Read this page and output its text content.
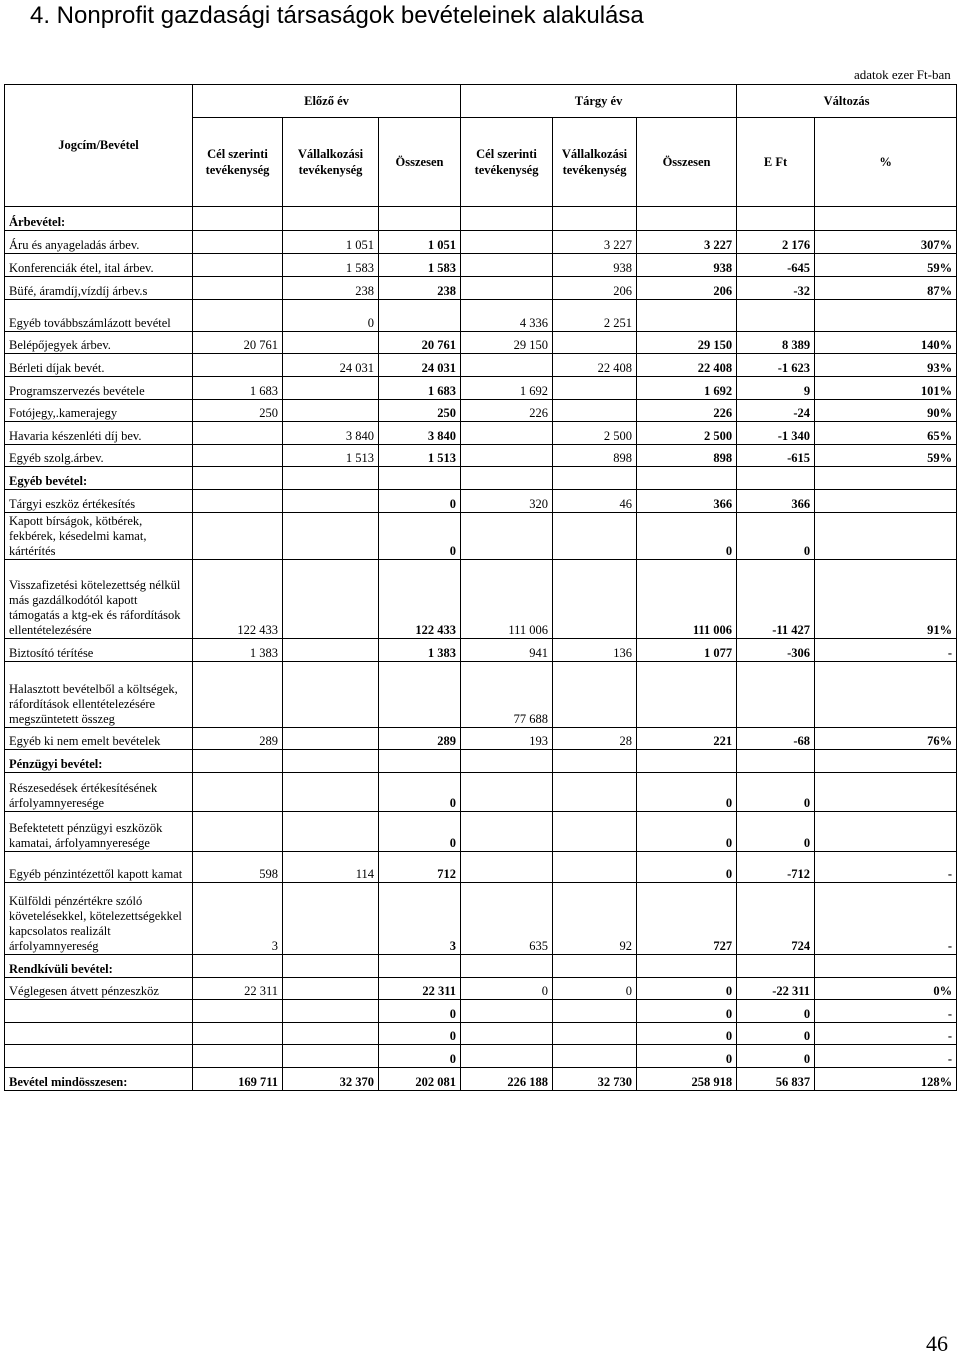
4. Nonprofit gazdasági társaságok bevételeinek alakulása
adatok ezer Ft-ban
Jogcím/Bevétel	Előző év			Tárgy év			Változás	
	Cél szerinti tevékenység	Vállalkozási tevékenység	Összesen	Cél szerinti tevékenység	Vállalkozási tevékenység	Összesen	E Ft	%
Árbevétel:								
Áru és anyageladás árbev.		1 051	1 051		3 227	3 227	2 176	307%
Konferenciák étel, ital árbev.		1 583	1 583		938	938	-645	59%
Büfé, áramdíj,vízdíj árbev.s		238	238		206	206	-32	87%
Egyéb továbbszámlázott bevétel		0		4 336	2 251			
Belépőjegyek árbev.	20 761		20 761	29 150		29 150	8 389	140%
Bérleti díjak bevét.		24 031	24 031		22 408	22 408	-1 623	93%
Programszervezés bevétele	1 683		1 683	1 692		1 692	9	101%
Fotójegy,.kamerajegy	250		250	226		226	-24	90%
Havaria készenléti díj bev.		3 840	3 840		2 500	2 500	-1 340	65%
Egyéb szolg.árbev.		1 513	1 513		898	898	-615	59%
Egyéb bevétel:								
Tárgyi eszköz értékesítés			0	320	46	366	366	
Kapott bírságok, kötbérek, fekbérek, késedelmi kamat, kártérítés			0			0	0	
Visszafizetési kötelezettség nélkül más gazdálkodótól kapott támogatás a ktg-ek és ráfordítások ellentételezésére	122 433		122 433	111 006		111 006	-11 427	91%
Biztosító térítése	1 383		1 383	941	136	1 077	-306	-
Halasztott bevételből a költségek, ráfordítások ellentételezésére megszüntetett összeg				77 688				
Egyéb ki nem emelt bevételek	289		289	193	28	221	-68	76%
Pénzügyi bevétel:								
Részesedések értékesítésének árfolyamnyeresége			0			0	0	
Befektetett pénzügyi eszközök kamatai, árfolyamnyeresége			0			0	0	
Egyéb pénzintézettől kapott kamat	598	114	712			0	-712	-
Külföldi pénzértékre szóló követelésekkel, kötelezettségekkel kapcsolatos realizált árfolyamnyereség	3		3	635	92	727	724	-
Rendkívüli bevétel:								
Véglegesen átvett pénzeszköz	22 311		22 311	0	0	0	-22 311	0%
			0			0	0	-
			0			0	0	-
			0			0	0	-
Bevétel mindösszesen:	169 711	32 370	202 081	226 188	32 730	258 918	56 837	128%
46
